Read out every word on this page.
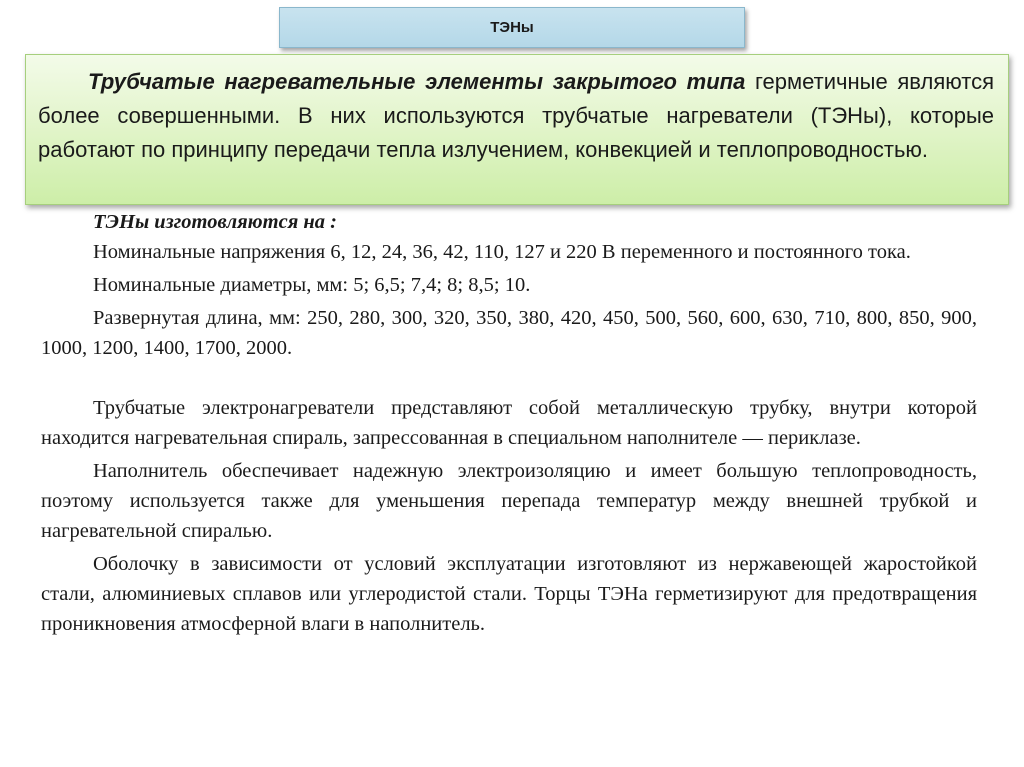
ТЭНы

Трубчатые нагревательные элементы закрытого типа герметичные являются более совершенными. В них используются трубчатые нагреватели (ТЭНы), которые работают по принципу передачи тепла излучением, конвекцией и теплопроводностью.

ТЭНы изготовляются на :

Номинальные напряжения 6, 12, 24, 36, 42, 110, 127 и 220 В переменного и постоянного тока.

Номинальные диаметры, мм: 5; 6,5; 7,4; 8; 8,5; 10.

Развернутая длина, мм: 250, 280, 300, 320, 350, 380, 420, 450, 500, 560, 600, 630, 710, 800, 850, 900, 1000, 1200, 1400, 1700, 2000.

Трубчатые электронагреватели представляют собой металлическую трубку, внутри которой находится нагревательная спираль, запрессованная в специальном наполнителе — периклазе.

Наполнитель обеспечивает надежную электроизоляцию и имеет большую теплопроводность, поэтому используется также для уменьшения перепада температур между внешней трубкой и нагревательной спиралью.

Оболочку в зависимости от условий эксплуатации изготовляют из нержавеющей жаростойкой стали, алюминиевых сплавов или углеродистой стали. Торцы ТЭНа герметизируют для предотвращения проникновения атмосферной влаги в наполнитель.
